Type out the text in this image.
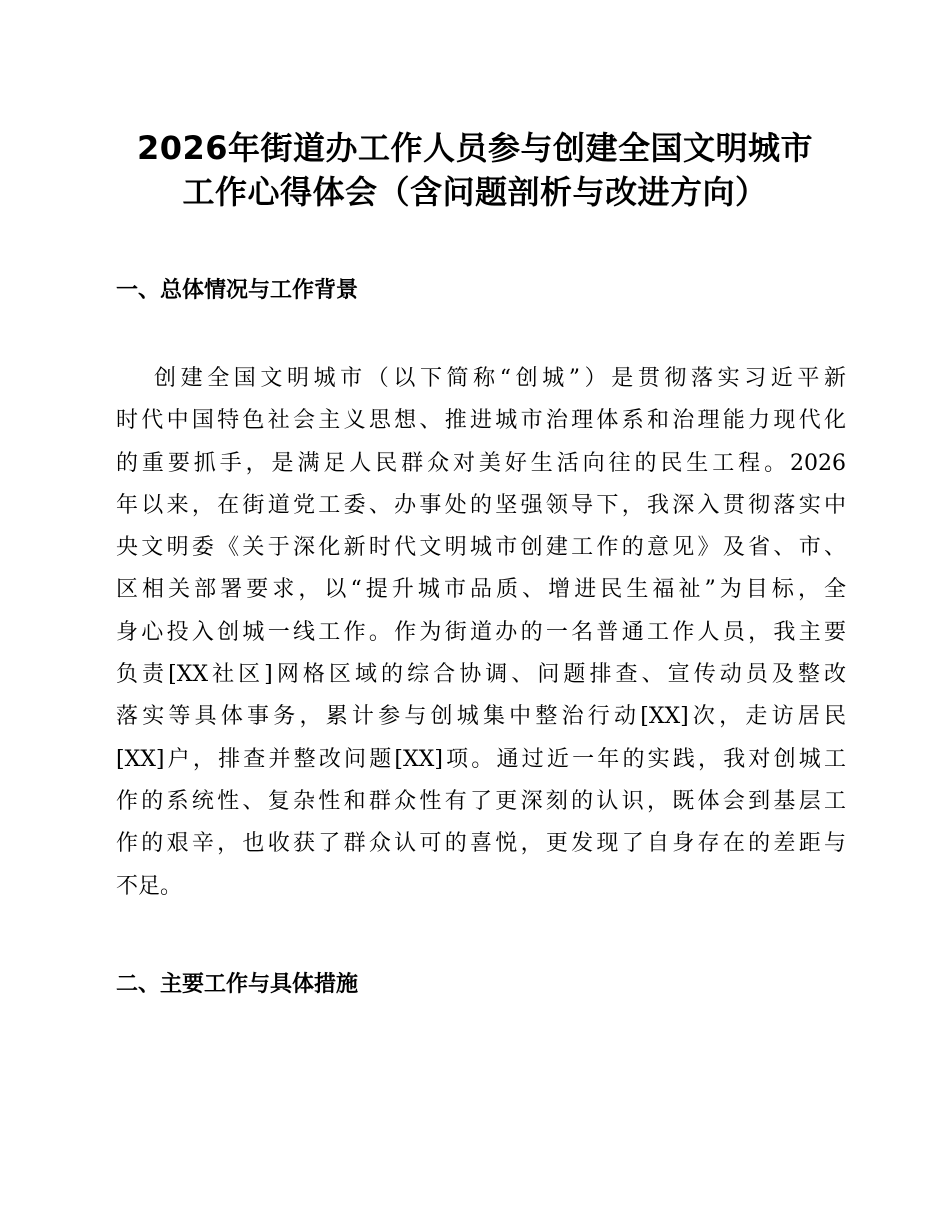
2026年街道办工作人员参与创建全国文明城市
工作心得体会（含问题剖析与改进方向）
一、总体情况与工作背景

创建全国文明城市（以下简称“创城”）是贯彻落实习近平新
时代中国特色社会主义思想、推进城市治理体系和治理能力现代化
的重要抓手，是满足人民群众对美好生活向往的民生工程。2026
年以来，在街道党工委、办事处的坚强领导下，我深入贯彻落实中
央文明委《关于深化新时代文明城市创建工作的意见》及省、市、
区相关部署要求，以“提升城市品质、增进民生福祉”为目标，全
身心投入创城一线工作。作为街道办的一名普通工作人员，我主要
负责[XX社区]网格区域的综合协调、问题排查、宣传动员及整改
落实等具体事务，累计参与创城集中整治行动[XX]次，走访居民
[XX]户，排查并整改问题[XX]项。通过近一年的实践，我对创城工
作的系统性、复杂性和群众性有了更深刻的认识，既体会到基层工
作的艰辛，也收获了群众认可的喜悦，更发现了自身存在的差距与
不足。

二、主要工作与具体措施
